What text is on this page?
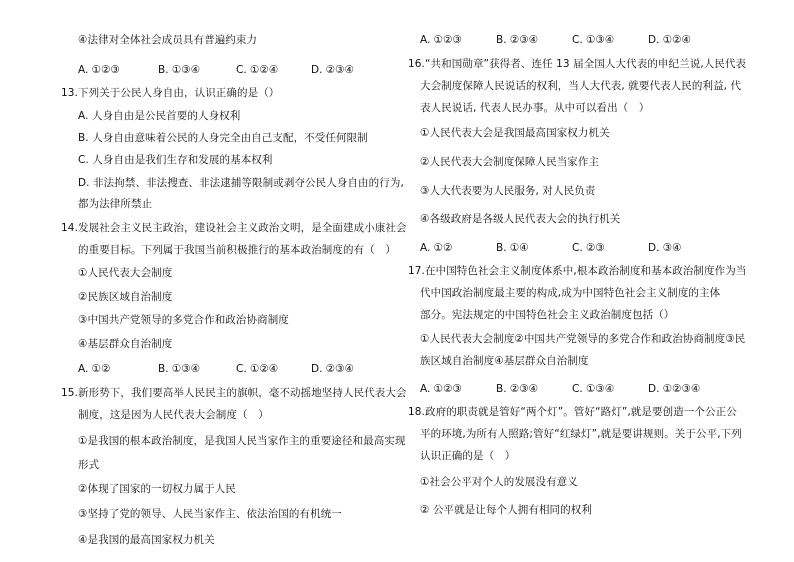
④法律对全体社会成员具有普遍约束力
A. ①②③	B. ①③④	C. ①②④	D. ②③④
13.下列关于公民人身自由，认识正确的是（）
A. 人身自由是公民首要的人身权利
B. 人身自由意味着公民的人身完全由自己支配，不受任何限制
C. 人身自由是我们生存和发展的基本权利
D. 非法拘禁、非法搜查、非法逮捕等限制或剥夺公民人身自由的行为,
都为法律所禁止
14.发展社会主义民主政治，建设社会主义政治文明，是全面建成小康社会
的重要目标。下列属于我国当前积极推行的基本政治制度的有（　）
①人民代表大会制度
②民族区域自治制度
③中国共产党领导的多党合作和政治协商制度
④基层群众自治制度
A. ①②	B. ①③④	C. ①②④	D. ②③④
15.新形势下，我们要高举人民民主的旗帜，毫不动摇地坚持人民代表大会
制度，这是因为人民代表大会制度（　）
①是我国的根本政治制度，是我国人民当家作主的重要途径和最高实现
形式
②体现了国家的一切权力属于人民
③坚持了党的领导、人民当家作主、依法治国的有机统一
④是我国的最高国家权力机关
A. ①②③	B. ②③④	C. ①③④	D. ①②④
16.“共和国勋章”获得者、连任 13 届全国人大代表的申纪兰说,人民代表
大会制度保障人民说话的权利，当人大代表, 就要代表人民的利益, 代
表人民说话, 代表人民办事。从中可以看出（　）
①人民代表大会是我国最高国家权力机关
②人民代表大会制度保障人民当家作主
③人大代表要为人民服务, 对人民负责
④各级政府是各级人民代表大会的执行机关
A. ①②	B. ①④	C. ②③	D. ③④
17.在中国特色社会主义制度体系中,根本政治制度和基本政治制度作为当
代中国政治制度最主要的构成,成为中国特色社会主义制度的主体
部分。宪法规定的中国特色社会主义政治制度包括（）
①人民代表大会制度②中国共产党领导的多党合作和政治协商制度③民
族区域自治制度④基层群众自治制度
A. ①②③	B. ②③④	C. ①③④	D. ①②③④
18.政府的职责就是管好“两个灯”。管好“路灯”,就是要创造一个公正公
平的环境,为所有人照路;管好“红绿灯”,就是要讲规则。关于公平,下列
认识正确的是（　）
①社会公平对个人的发展没有意义
② 公平就是让每个人拥有相同的权利
